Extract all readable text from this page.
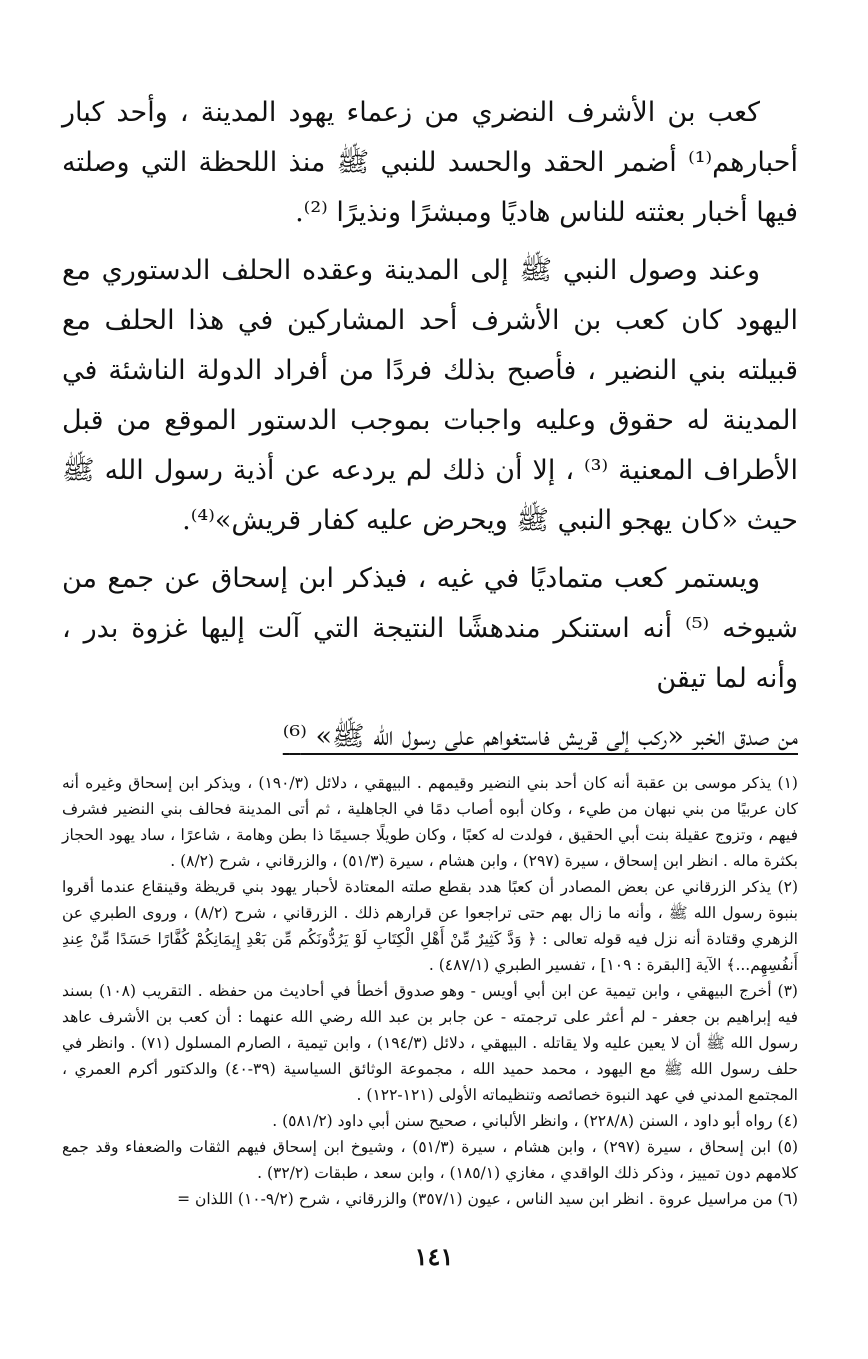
كعب بن الأشرف النضري من زعماء يهود المدينة ، وأحد كبار أحبارهم⁽¹⁾ أضمر الحقد والحسد للنبي ﷺ منذ اللحظة التي وصلته فيها أخبار بعثته للناس هاديًا ومبشرًا ونذيرًا ⁽²⁾.

وعند وصول النبي ﷺ إلى المدينة وعقده الحلف الدستوري مع اليهود كان كعب بن الأشرف أحد المشاركين في هذا الحلف مع قبيلته بني النضير ، فأصبح بذلك فردًا من أفراد الدولة الناشئة في المدينة له حقوق وعليه واجبات بموجب الدستور الموقع من قبل الأطراف المعنية ⁽³⁾ ، إلا أن ذلك لم يردعه عن أذية رسول الله ﷺ حيث «كان يهجو النبي ﷺ ويحرض عليه كفار قريش»⁽⁴⁾.

ويستمر كعب متماديًا في غيه ، فيذكر ابن إسحاق عن جمع من شيوخه ⁽⁵⁾ أنه استنكر مندهشًا النتيجة التي آلت إليها غزوة بدر ، وأنه لما تيقن

من صدق الخبر «ركب إلى قريش فاستغواهم على رسول الله ﷺ» ⁽⁶⁾

(١) يذكر موسى بن عقبة أنه كان أحد بني النضير وقيمهم . البيهقي ، دلائل (١٩٠/٣) ، ويذكر ابن إسحاق وغيره أنه كان عربيًا من بني نبهان من طيء ، وكان أبوه أصاب دمًا في الجاهلية ، ثم أتى المدينة فحالف بني النضير فشرف فيهم ، وتزوج عقيلة بنت أبي الحقيق ، فولدت له كعبًا ، وكان طويلًا جسيمًا ذا بطن وهامة ، شاعرًا ، ساد يهود الحجاز بكثرة ماله . انظر ابن إسحاق ، سيرة (٢٩٧) ، وابن هشام ، سيرة (٥١/٣) ، والزرقاني ، شرح (٨/٢) .

(٢) يذكر الزرقاني عن بعض المصادر أن كعبًا هدد بقطع صلته المعتادة لأحبار يهود بني قريظة وقينقاع عندما أقروا بنبوة رسول الله ﷺ ، وأنه ما زال بهم حتى تراجعوا عن قرارهم ذلك . الزرقاني ، شرح (٨/٢) ، وروى الطبري عن الزهري وقتادة أنه نزل فيه قوله تعالى : ﴿ وَدَّ كَثِيرٌ مِّنْ أَهْلِ الْكِتَابِ لَوْ يَرُدُّونَكُم مِّن بَعْدِ إِيمَانِكُمْ كُفَّارًا حَسَدًا مِّنْ عِندِ أَنفُسِهِم...﴾ الآية [البقرة : ١٠٩] ، تفسير الطبري (٤٨٧/١) .

(٣) أخرج البيهقي ، وابن تيمية عن ابن أبي أويس - وهو صدوق أخطأ في أحاديث من حفظه . التقريب (١٠٨) بسند فيه إبراهيم بن جعفر - لم أعثر على ترجمته - عن جابر بن عبد الله رضي الله عنهما : أن كعب بن الأشرف عاهد رسول الله ﷺ أن لا يعين عليه ولا يقاتله . البيهقي ، دلائل (١٩٤/٣) ، وابن تيمية ، الصارم المسلول (٧١) . وانظر في حلف رسول الله ﷺ مع اليهود ، محمد حميد الله ، مجموعة الوثائق السياسية (٣٩-٤٠) والدكتور أكرم العمري ، المجتمع المدني في عهد النبوة خصائصه وتنظيماته الأولى (١٢١-١٢٢) .

(٤) رواه أبو داود ، السنن (٢٢٨/٨) ، وانظر الألباني ، صحيح سنن أبي داود (٥٨١/٢) .

(٥) ابن إسحاق ، سيرة (٢٩٧) ، وابن هشام ، سيرة (٥١/٣) ، وشيوخ ابن إسحاق فيهم الثقات والضعفاء وقد جمع كلامهم دون تمييز ، وذكر ذلك الواقدي ، مغازي (١٨٥/١) ، وابن سعد ، طبقات (٣٢/٢) .

(٦) من مراسيل عروة . انظر ابن سيد الناس ، عيون (٣٥٧/١) والزرقاني ، شرح (٩/٢-١٠) اللذان =

١٤١
